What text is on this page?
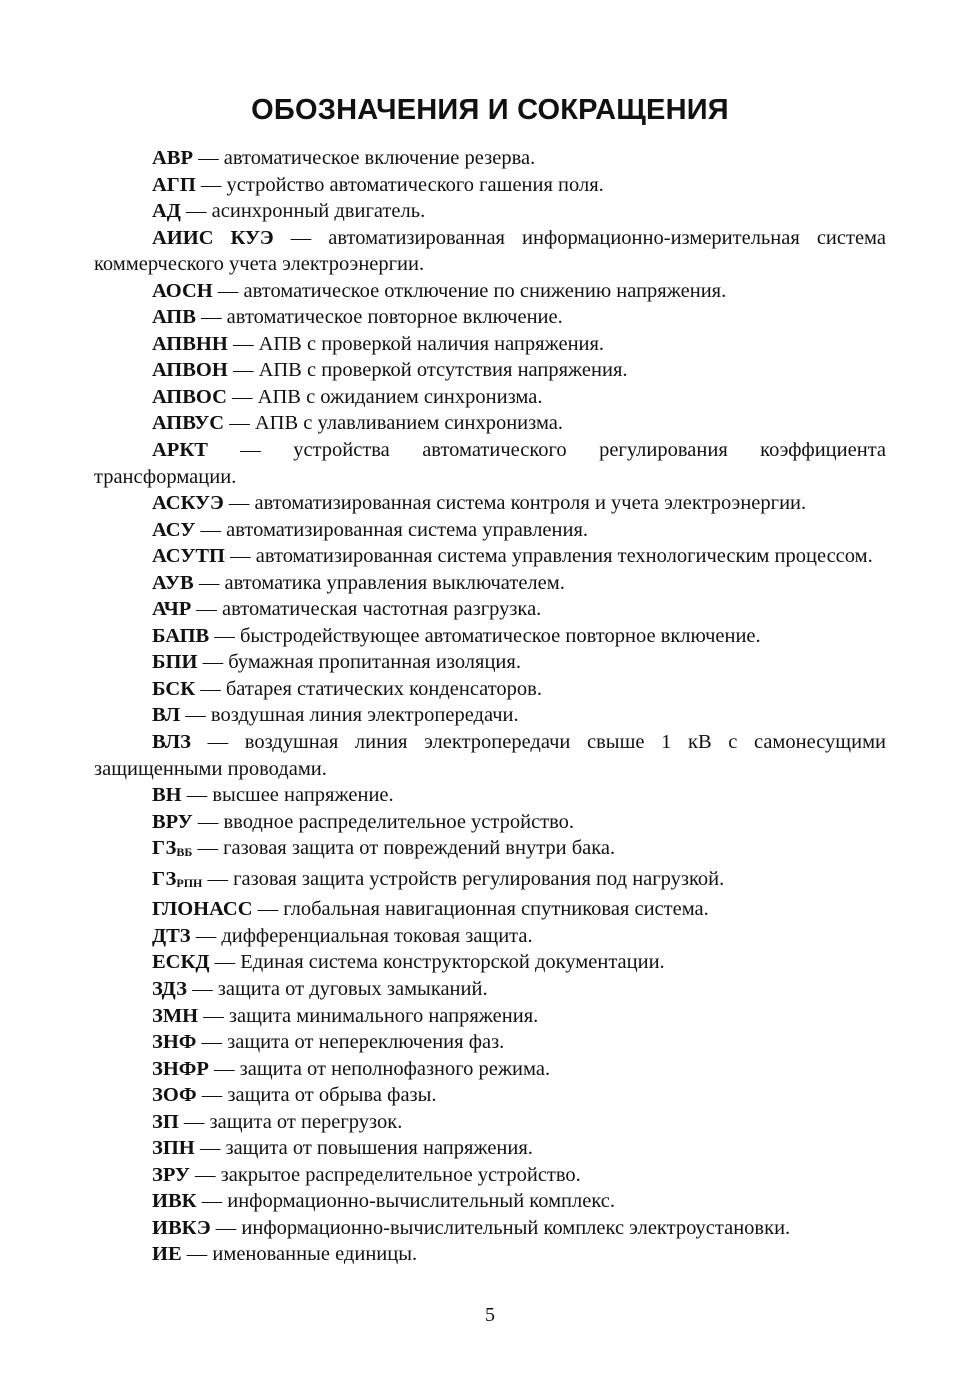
ОБОЗНАЧЕНИЯ И СОКРАЩЕНИЯ

АВР — автоматическое включение резерва.

АГП — устройство автоматического гашения поля.

АД — асинхронный двигатель.

АИИС КУЭ — автоматизированная информационно-измерительная система коммерческого учета электроэнергии.

АОСН — автоматическое отключение по снижению напряжения.

АПВ — автоматическое повторное включение.

АПВНН — АПВ с проверкой наличия напряжения.

АПВОН — АПВ с проверкой отсутствия напряжения.

АПВОС — АПВ с ожиданием синхронизма.

АПВУС — АПВ с улавливанием синхронизма.

АРКТ — устройства автоматического регулирования коэффициента трансформации.

АСКУЭ — автоматизированная система контроля и учета электроэнергии.

АСУ — автоматизированная система управления.

АСУТП — автоматизированная система управления технологическим процессом.

АУВ — автоматика управления выключателем.

АЧР — автоматическая частотная разгрузка.

БАПВ — быстродействующее автоматическое повторное включение.

БПИ — бумажная пропитанная изоляция.

БСК — батарея статических конденсаторов.

ВЛ — воздушная линия электропередачи.

ВЛЗ — воздушная линия электропередачи свыше 1 кВ с самонесущими защищенными проводами.

ВН — высшее напряжение.

ВРУ — вводное распределительное устройство.

ГЗВБ — газовая защита от повреждений внутри бака.

ГЗРПН — газовая защита устройств регулирования под нагрузкой.

ГЛОНАСС — глобальная навигационная спутниковая система.

ДТЗ — дифференциальная токовая защита.

ЕСКД — Единая система конструкторской документации.

ЗДЗ — защита от дуговых замыканий.

ЗМН — защита минимального напряжения.

ЗНФ — защита от непереключения фаз.

ЗНФР — защита от неполнофазного режима.

ЗОФ — защита от обрыва фазы.

ЗП — защита от перегрузок.

ЗПН — защита от повышения напряжения.

ЗРУ — закрытое распределительное устройство.

ИВК — информационно-вычислительный комплекс.

ИВКЭ — информационно-вычислительный комплекс электроустановки.

ИЕ — именованные единицы.

5
